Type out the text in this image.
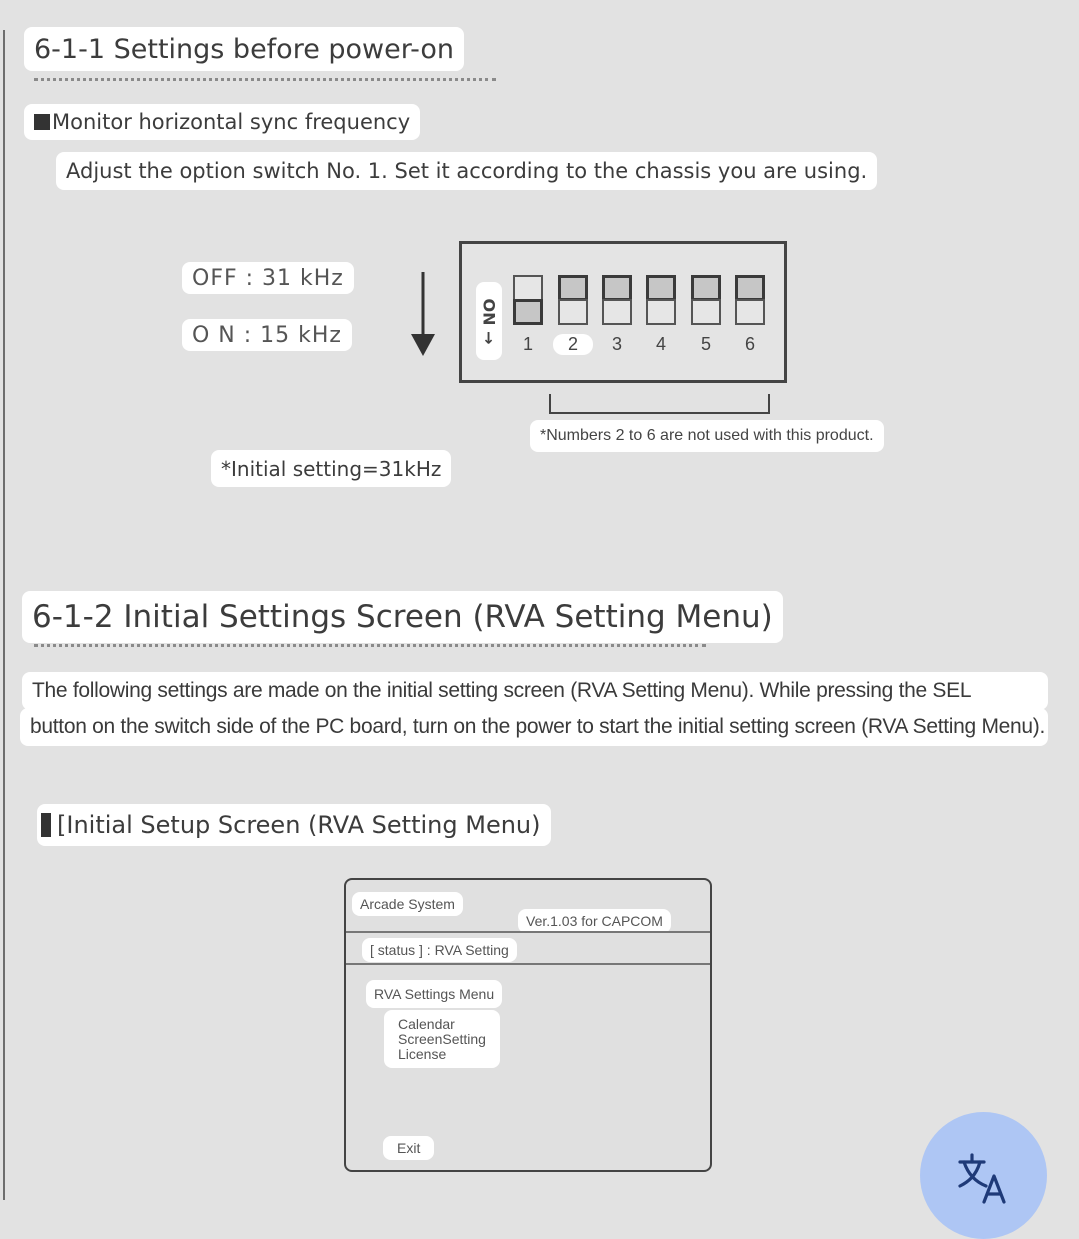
6-1-1 Settings before power-on
Monitor horizontal sync frequency
Adjust the option switch No. 1. Set it according to the chassis you are using.
OFF : 31 kHz
O N : 15 kHz	ON →
1	2	3	4	5	6
*Numbers 2 to 6 are not used with this product.
*Initial setting=31kHz
6-1-2 Initial Settings Screen (RVA Setting Menu)
The following settings are made on the initial setting screen (RVA Setting Menu). While pressing the SEL
button on the switch side of the PC board, turn on the power to start the initial setting screen (RVA Setting Menu).
[Initial Setup Screen (RVA Setting Menu)
Arcade System
Ver.1.03 for CAPCOM
[ status ] : RVA Setting
RVA Settings Menu
Calendar
ScreenSetting
License
Exit
